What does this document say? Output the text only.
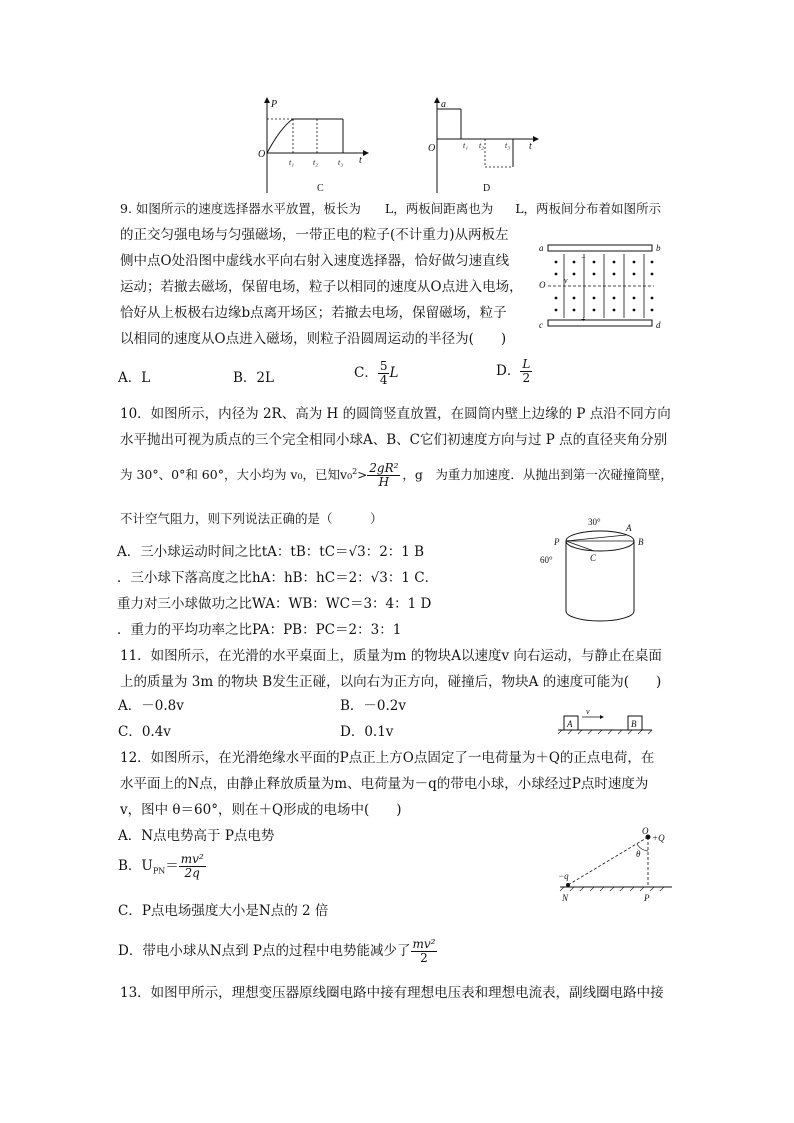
P
O
t
t₁ t₂ t₃
C
a
O	t
t₁ t₂	t₃
D
9. 如图所示的速度选择器水平放置，板长为 L，两板间距离也为 L，两板间分布着如图所示
的正交匀强电场与匀强磁场，一带正电的粒子(不计重力)从两板左
侧中点O处沿图中虚线水平向右射入速度选择器，恰好做匀速直线
运动；若撤去磁场，保留电场，粒子以相同的速度从O点进入电场，
恰好从上板极右边缘b点离开场区；若撤去电场，保留磁场，粒子
以相同的速度从O点进入磁场，则粒子沿圆周运动的半径为(　　)
a	b
c	d
O v
−
+
A．L	B．2L	C． $\frac{5}{4}$ L	D． $\frac{L}{2}$
10．如图所示，内径为 2R、高为 H 的圆筒竖直放置，在圆筒内壁上边缘的 P 点沿不同方向
水平抛出可视为质点的三个完全相同小球A、B、C它们初速度方向与过 P 点的直径夹角分别
为 30°、0°和 60°，大小均为 v₀，已知$v_0^2> \frac{\text{2gR²}}{H}$ ，g　为重力加速度．从抛出到第一次碰撞筒壁，
不计空气阻力，则下列说法正确的是（　　　）
A．三小球运动时间之比tA：tB：tC＝√3：2：1 B
．三小球下落高度之比hA：hB：hC＝2：√3：1 C．
重力对三小球做功之比WA：WB：WC＝3：4：1 D
．重力的平均功率之比PA：PB：PC＝2：3：1
30°
60°
A
B
C
P
11．如图所示，在光滑的水平桌面上，质量为m 的物块A以速度v 向右运动，与静止在桌面
上的质量为 3m 的物块 B发生正碰，以向右为正方向，碰撞后，物块A 的速度可能为(　　)
A．－0.8v	B．－0.2v
C．0.4v	D．0.1v	A	B
v
12．如图所示，在光滑绝缘水平面的P点正上方O点固定了一电荷量为＋Q的正点电荷，在
水平面上的N点，由静止释放质量为m、电荷量为－q的带电小球，小球经过P点时速度为
v，图中 θ＝60°，则在＋Q形成的电场中(　　)
A．N点电势高于 P点电势
B．$U_{PN}= \frac{\text{mv²}}{2q}$
C．P点电场强度大小是N点的 2 倍
D．带电小球从N点到 P点的过程中电势能减少了 $\frac{\text{mv²}}{2}$
O
+Q
θ
−q
N	P
13．如图甲所示，理想变压器原线圈电路中接有理想电压表和理想电流表，副线圈电路中接
